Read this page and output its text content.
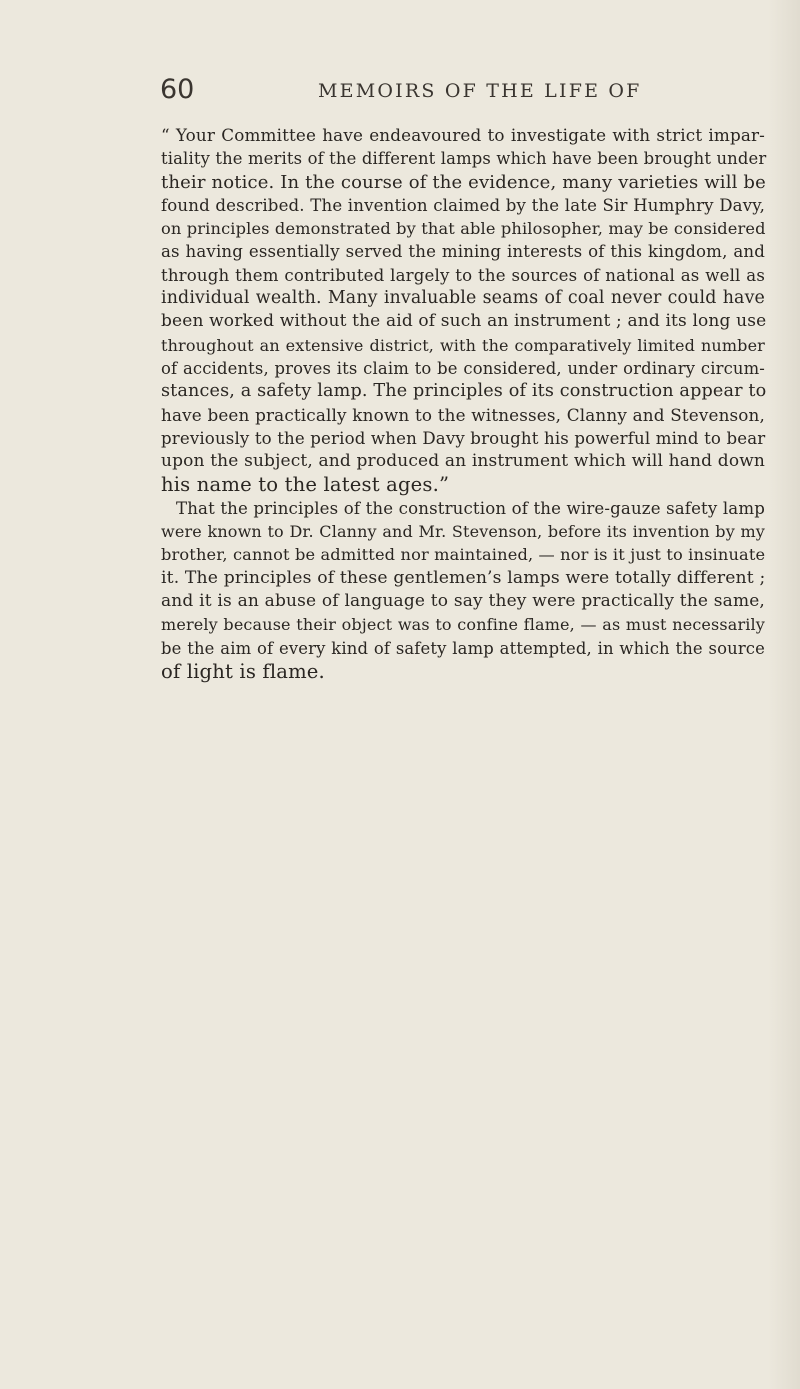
60	MEMOIRS OF THE LIFE OF
“ Your Committee have endeavoured to investigate with strict impar-
tiality the merits of the different lamps which have been brought under
their notice. In the course of the evidence, many varieties will be
found described. The invention claimed by the late Sir Humphry Davy,
on principles demonstrated by that able philosopher, may be considered
as having essentially served the mining interests of this kingdom, and
through them contributed largely to the sources of national as well as
individual wealth. Many invaluable seams of coal never could have
been worked without the aid of such an instrument ; and its long use
throughout an extensive district, with the comparatively limited number
of accidents, proves its claim to be considered, under ordinary circum-
stances, a safety lamp. The principles of its construction appear to
have been practically known to the witnesses, Clanny and Stevenson,
previously to the period when Davy brought his powerful mind to bear
upon the subject, and produced an instrument which will hand down
his name to the latest ages.”
That the principles of the construction of the wire-gauze safety lamp
were known to Dr. Clanny and Mr. Stevenson, before its invention by my
brother, cannot be admitted nor maintained, — nor is it just to insinuate
it. The principles of these gentlemen’s lamps were totally different ;
and it is an abuse of language to say they were practically the same,
merely because their object was to confine flame, — as must necessarily
be the aim of every kind of safety lamp attempted, in which the source
of light is flame.
